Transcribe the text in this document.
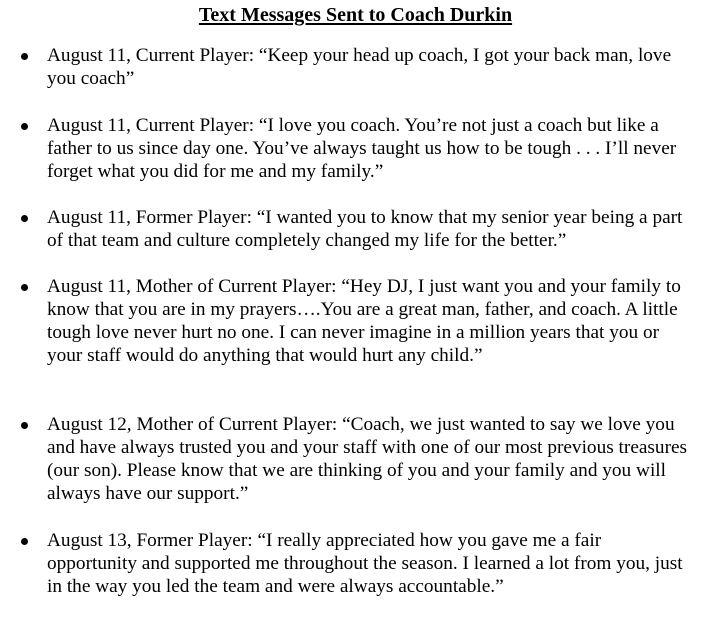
Text Messages Sent to Coach Durkin

August 11, Current Player: “Keep your head up coach, I got your back man, love you coach”

August 11, Current Player: “I love you coach. You’re not just a coach but like a father to us since day one. You’ve always taught us how to be tough . . . I’ll never forget what you did for me and my family.”

August 11, Former Player: “I wanted you to know that my senior year being a part of that team and culture completely changed my life for the better.”

August 11, Mother of Current Player: “Hey DJ, I just want you and your family to know that you are in my prayers….You are a great man, father, and coach. A little tough love never hurt no one. I can never imagine in a million years that you or your staff would do anything that would hurt any child.”

August 12, Mother of Current Player: “Coach, we just wanted to say we love you and have always trusted you and your staff with one of our most previous treasures (our son). Please know that we are thinking of you and your family and you will always have our support.”

August 13, Former Player: “I really appreciated how you gave me a fair opportunity and supported me throughout the season. I learned a lot from you, just in the way you led the team and were always accountable.”
